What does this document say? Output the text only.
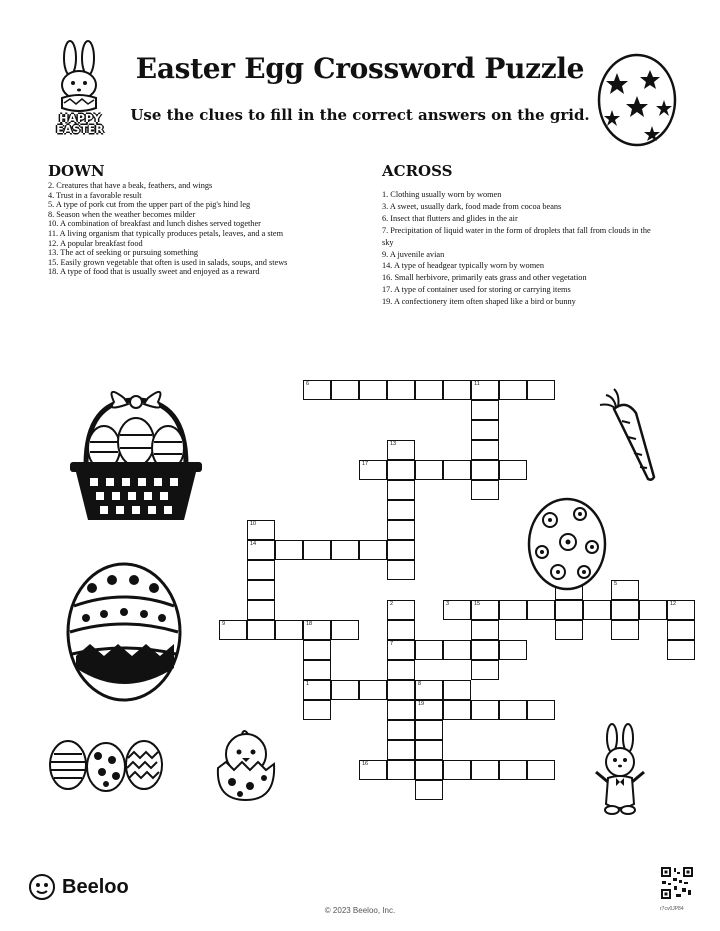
HAPPY
EASTER
Easter Egg Crossword Puzzle
Use the clues to fill in the correct answers on the grid.
DOWN
2. Creatures that have a beak, feathers, and wings
4. Trust in a favorable result
5. A type of pork cut from the upper part of the pig's hind leg
8. Season when the weather becomes milder
10. A combination of breakfast and lunch dishes served together
11. A living organism that typically produces petals, leaves, and a stem
12. A popular breakfast food
13. The act of seeking or pursuing something
15. Easily grown vegetable that often is used in salads, soups, and stews
18. A type of food that is usually sweet and enjoyed as a reward
ACROSS
1. Clothing usually worn by women
3. A sweet, usually dark, food made from cocoa beans
6. Insect that flutters and glides in the air
7. Precipitation of liquid water in the form of droplets that fall from clouds in the sky
9. A juvenile avian
14. A type of headgear typically worn by women
16. Small herbivore, primarily eats grass and other vegetation
17. A type of container used for storing or carrying items
19. A confectionery item often shaped like a bird or bunny
6	11
13
17
10
14
5
2
7
3	15	12
9	18
1	8
19
16
Beeloo
© 2023 Beeloo, Inc.	r7cv0JP84
